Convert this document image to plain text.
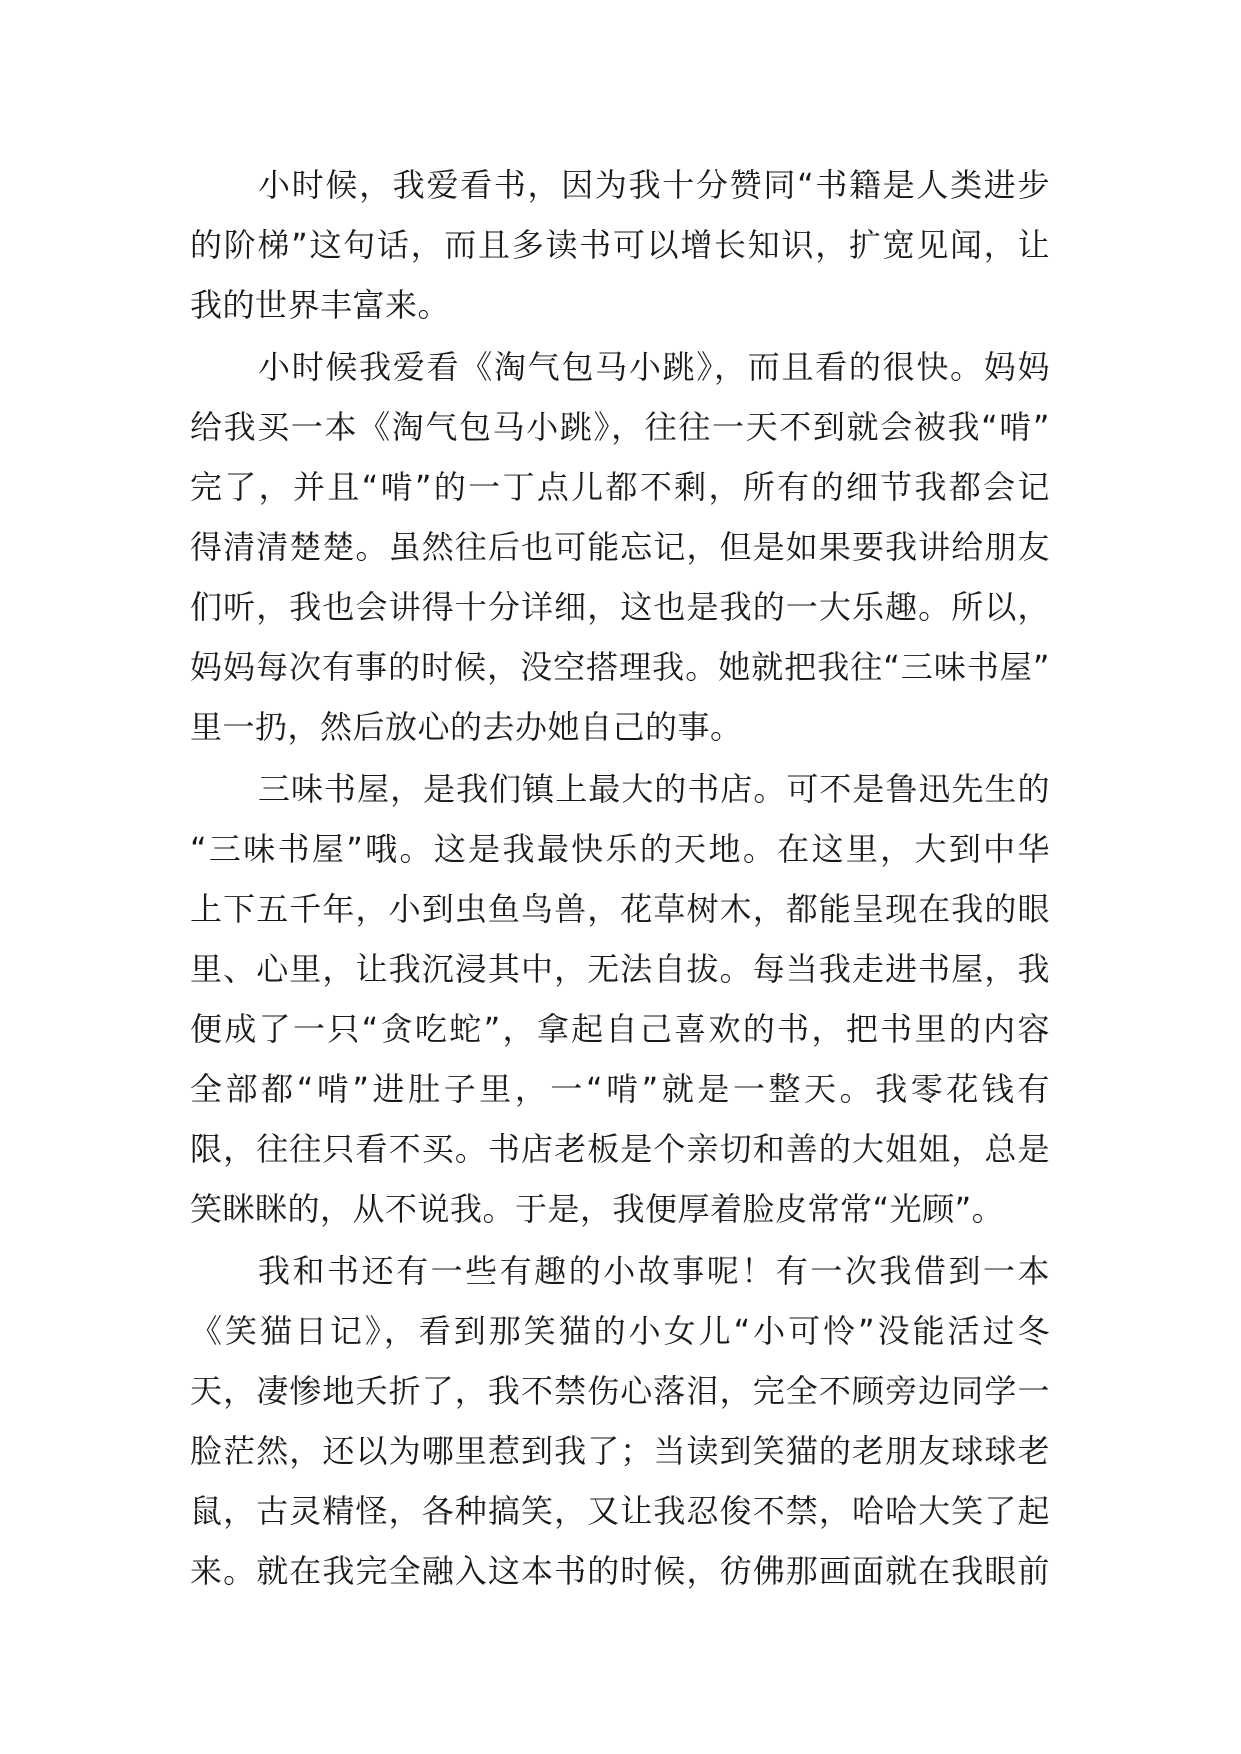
小时候，我爱看书，因为我十分赞同“书籍是人类进步
的阶梯”这句话，而且多读书可以增长知识，扩宽见闻，让
我的世界丰富来。
小时候我爱看《淘气包马小跳》，而且看的很快。妈妈
给我买一本《淘气包马小跳》，往往一天不到就会被我“啃”
完了，并且“啃”的一丁点儿都不剩，所有的细节我都会记
得清清楚楚。虽然往后也可能忘记，但是如果要我讲给朋友
们听，我也会讲得十分详细，这也是我的一大乐趣。所以，
妈妈每次有事的时候，没空搭理我。她就把我往“三味书屋”
里一扔，然后放心的去办她自己的事。
三味书屋，是我们镇上最大的书店。可不是鲁迅先生的
“三味书屋”哦。这是我最快乐的天地。在这里，大到中华
上下五千年，小到虫鱼鸟兽，花草树木，都能呈现在我的眼
里、心里，让我沉浸其中，无法自拔。每当我走进书屋，我
便成了一只“贪吃蛇”，拿起自己喜欢的书，把书里的内容
全部都“啃”进肚子里，一“啃”就是一整天。我零花钱有
限，往往只看不买。书店老板是个亲切和善的大姐姐，总是
笑眯眯的，从不说我。于是，我便厚着脸皮常常“光顾”。
我和书还有一些有趣的小故事呢！有一次我借到一本
《笑猫日记》，看到那笑猫的小女儿“小可怜”没能活过冬
天，凄惨地夭折了，我不禁伤心落泪，完全不顾旁边同学一
脸茫然，还以为哪里惹到我了；当读到笑猫的老朋友球球老
鼠，古灵精怪，各种搞笑，又让我忍俊不禁，哈哈大笑了起
来。就在我完全融入这本书的时候，彷佛那画面就在我眼前
